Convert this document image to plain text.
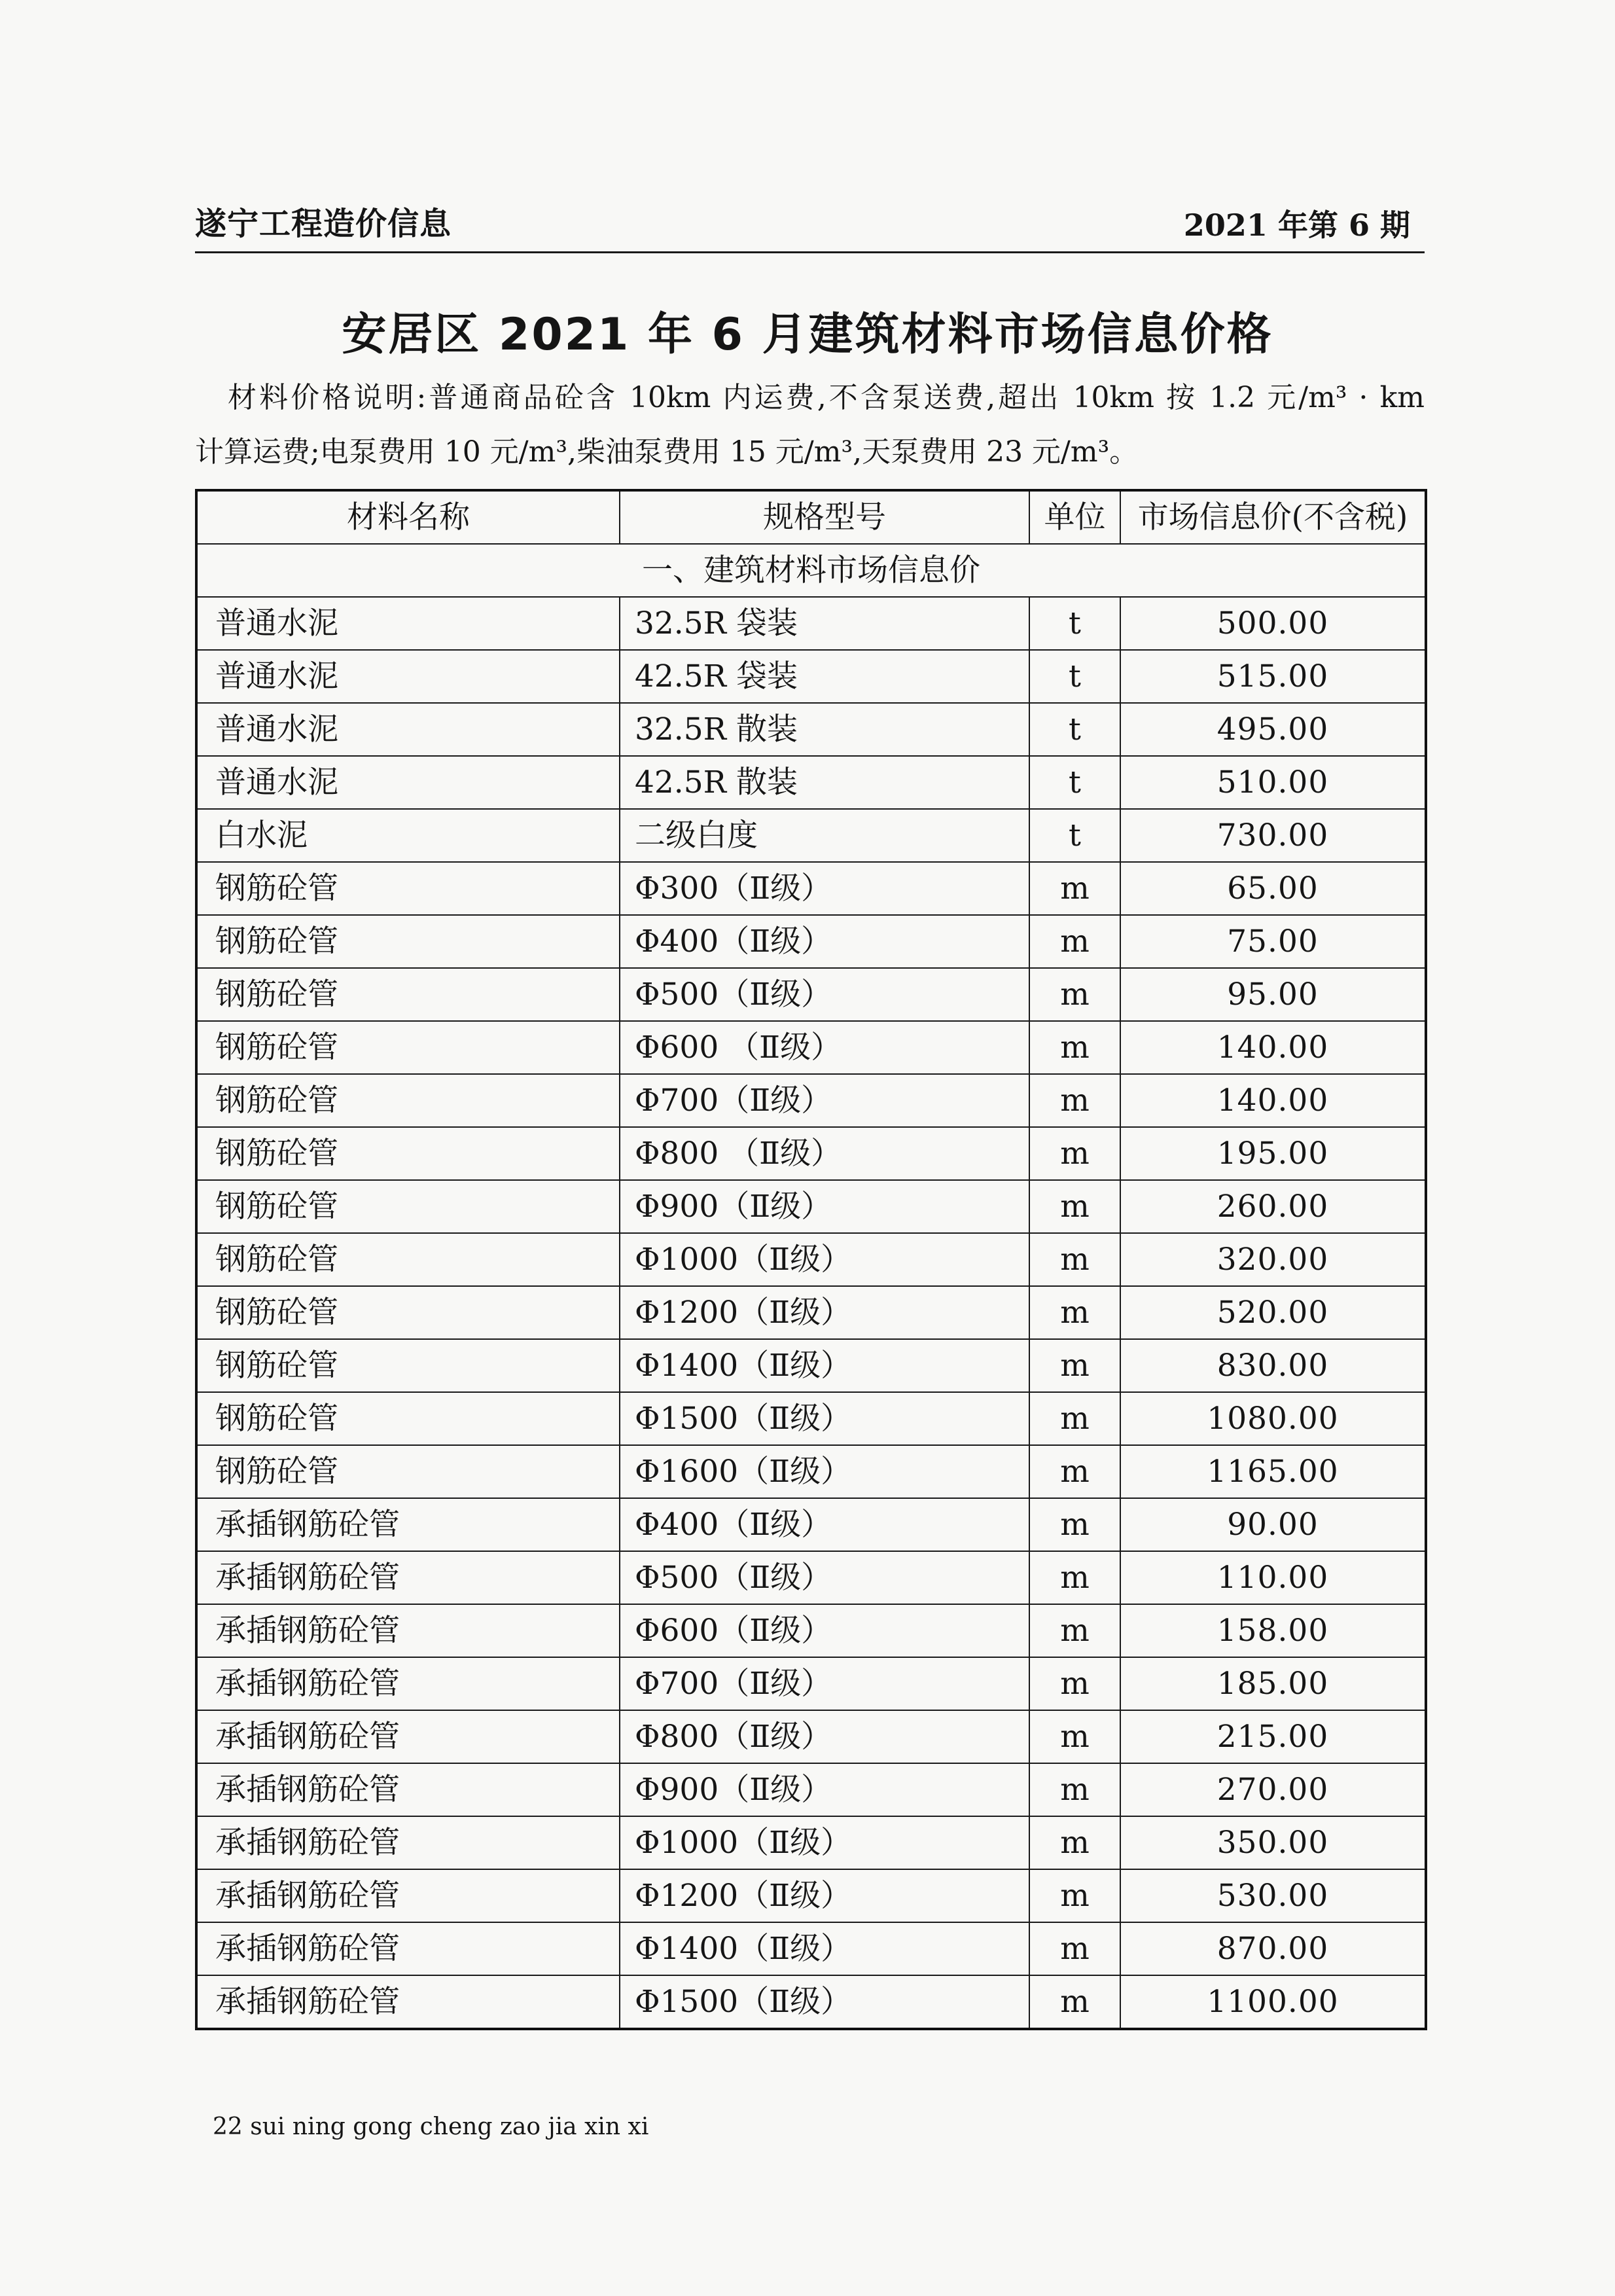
遂宁工程造价信息	2021 年第 6 期
安居区 2021 年 6 月建筑材料市场信息价格
材料价格说明:普通商品砼含 10km 内运费,不含泵送费,超出 10km 按 1.2 元/m³ · km
计算运费;电泵费用 10 元/m³,柴油泵费用 15 元/m³,天泵费用 23 元/m³。
材料名称	规格型号	单位	市场信息价(不含税)
一、建筑材料市场信息价			
普通水泥	32.5R 袋装	t	500.00
普通水泥	42.5R 袋装	t	515.00
普通水泥	32.5R 散装	t	495.00
普通水泥	42.5R 散装	t	510.00
白水泥	二级白度	t	730.00
钢筋砼管	Φ300（Ⅱ级）	m	65.00
钢筋砼管	Φ400（Ⅱ级）	m	75.00
钢筋砼管	Φ500（Ⅱ级）	m	95.00
钢筋砼管	Φ600 （Ⅱ级）	m	140.00
钢筋砼管	Φ700（Ⅱ级）	m	140.00
钢筋砼管	Φ800 （Ⅱ级）	m	195.00
钢筋砼管	Φ900（Ⅱ级）	m	260.00
钢筋砼管	Φ1000（Ⅱ级）	m	320.00
钢筋砼管	Φ1200（Ⅱ级）	m	520.00
钢筋砼管	Φ1400（Ⅱ级）	m	830.00
钢筋砼管	Φ1500（Ⅱ级）	m	1080.00
钢筋砼管	Φ1600（Ⅱ级）	m	1165.00
承插钢筋砼管	Φ400（Ⅱ级）	m	90.00
承插钢筋砼管	Φ500（Ⅱ级）	m	110.00
承插钢筋砼管	Φ600（Ⅱ级）	m	158.00
承插钢筋砼管	Φ700（Ⅱ级）	m	185.00
承插钢筋砼管	Φ800（Ⅱ级）	m	215.00
承插钢筋砼管	Φ900（Ⅱ级）	m	270.00
承插钢筋砼管	Φ1000（Ⅱ级）	m	350.00
承插钢筋砼管	Φ1200（Ⅱ级）	m	530.00
承插钢筋砼管	Φ1400（Ⅱ级）	m	870.00
承插钢筋砼管	Φ1500（Ⅱ级）	m	1100.00
22 sui ning gong cheng zao jia xin xi
